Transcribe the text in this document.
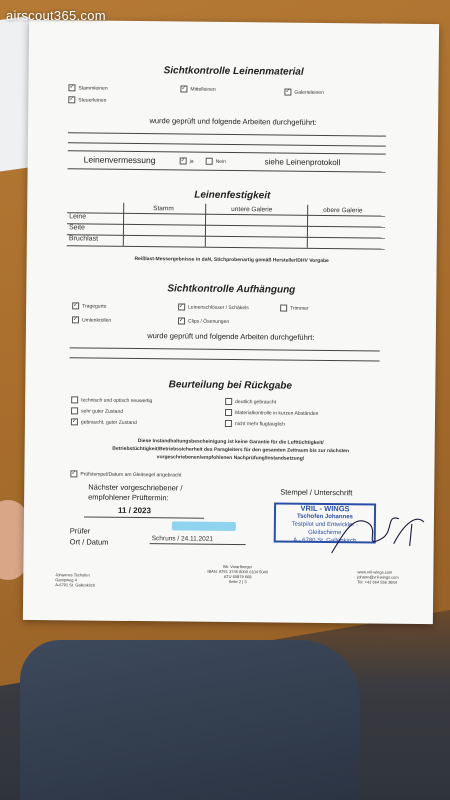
airscout365.com
Sichtkontrolle Leinenmaterial
✓ Stammleinen	✓ Mittelleinen	✓ Galerieleinen
✓ Steuerleinen
wurde geprüft und folgende Arbeiten durchgeführt:
Leinenvermessung	✓ ja	Nein	siehe Leinenprotokoll
Leinenfestigkeit
Stamm	untere Galerie	obere Galerie
Leine
Seite
Bruchlast
Reißlast-Messergebnisse in daN, Stichprobenartig gemäß Hersteller/DHV Vorgabe
Sichtkontrolle Aufhängung
✓ Tragegurte	✓ Leinenschlösser / Schäkels	Trimmer
✓ Umlenkrollen	✓ Clips / Ösenungen
wurde geprüft und folgende Arbeiten durchgeführt:
Beurteilung bei Rückgabe
technisch und optisch neuwertig	deutlich gebraucht
sehr guter Zustand	Materialkontrolle in kurzen Abständen
✓ gebraucht, guter Zustand	nicht mehr flugtauglich
Diese Instandhaltungsbescheinigung ist keine Garantie für die Lufttüchtigkeit/ Betriebstüchtigkeit/Betriebssicherheit des Paragleiters für den gesamten Zeitraum bis zur nächsten vorgeschriebenen/empfohlenen Nachprüfung/Instandsetzung!
✓ Prüfstempel/Datum am Gleitsegel angebracht
Nächster vorgeschriebener /
empfohlener Prüftermin:
11 / 2023
Stempel / Unterschrift
Prüfer
Ort / Datum	Schruns / 24.11.2021
VRIL - WINGS
Tschofen Johannes
Testpilot und Entwickler · Gleitschirme
A - 6780 St. Gallenkirch
Johannes Tschofen
Gampweg 4
A-6791 St. Gallenkirch
Bk: Vorarlberger
IBAN: AT61 3745 8000 0104 5040
ATU 60879 668
Seite 2 | 3
www.vril-wings.com
johann@vril-wings.com
Tel: +43 664 556 3844
